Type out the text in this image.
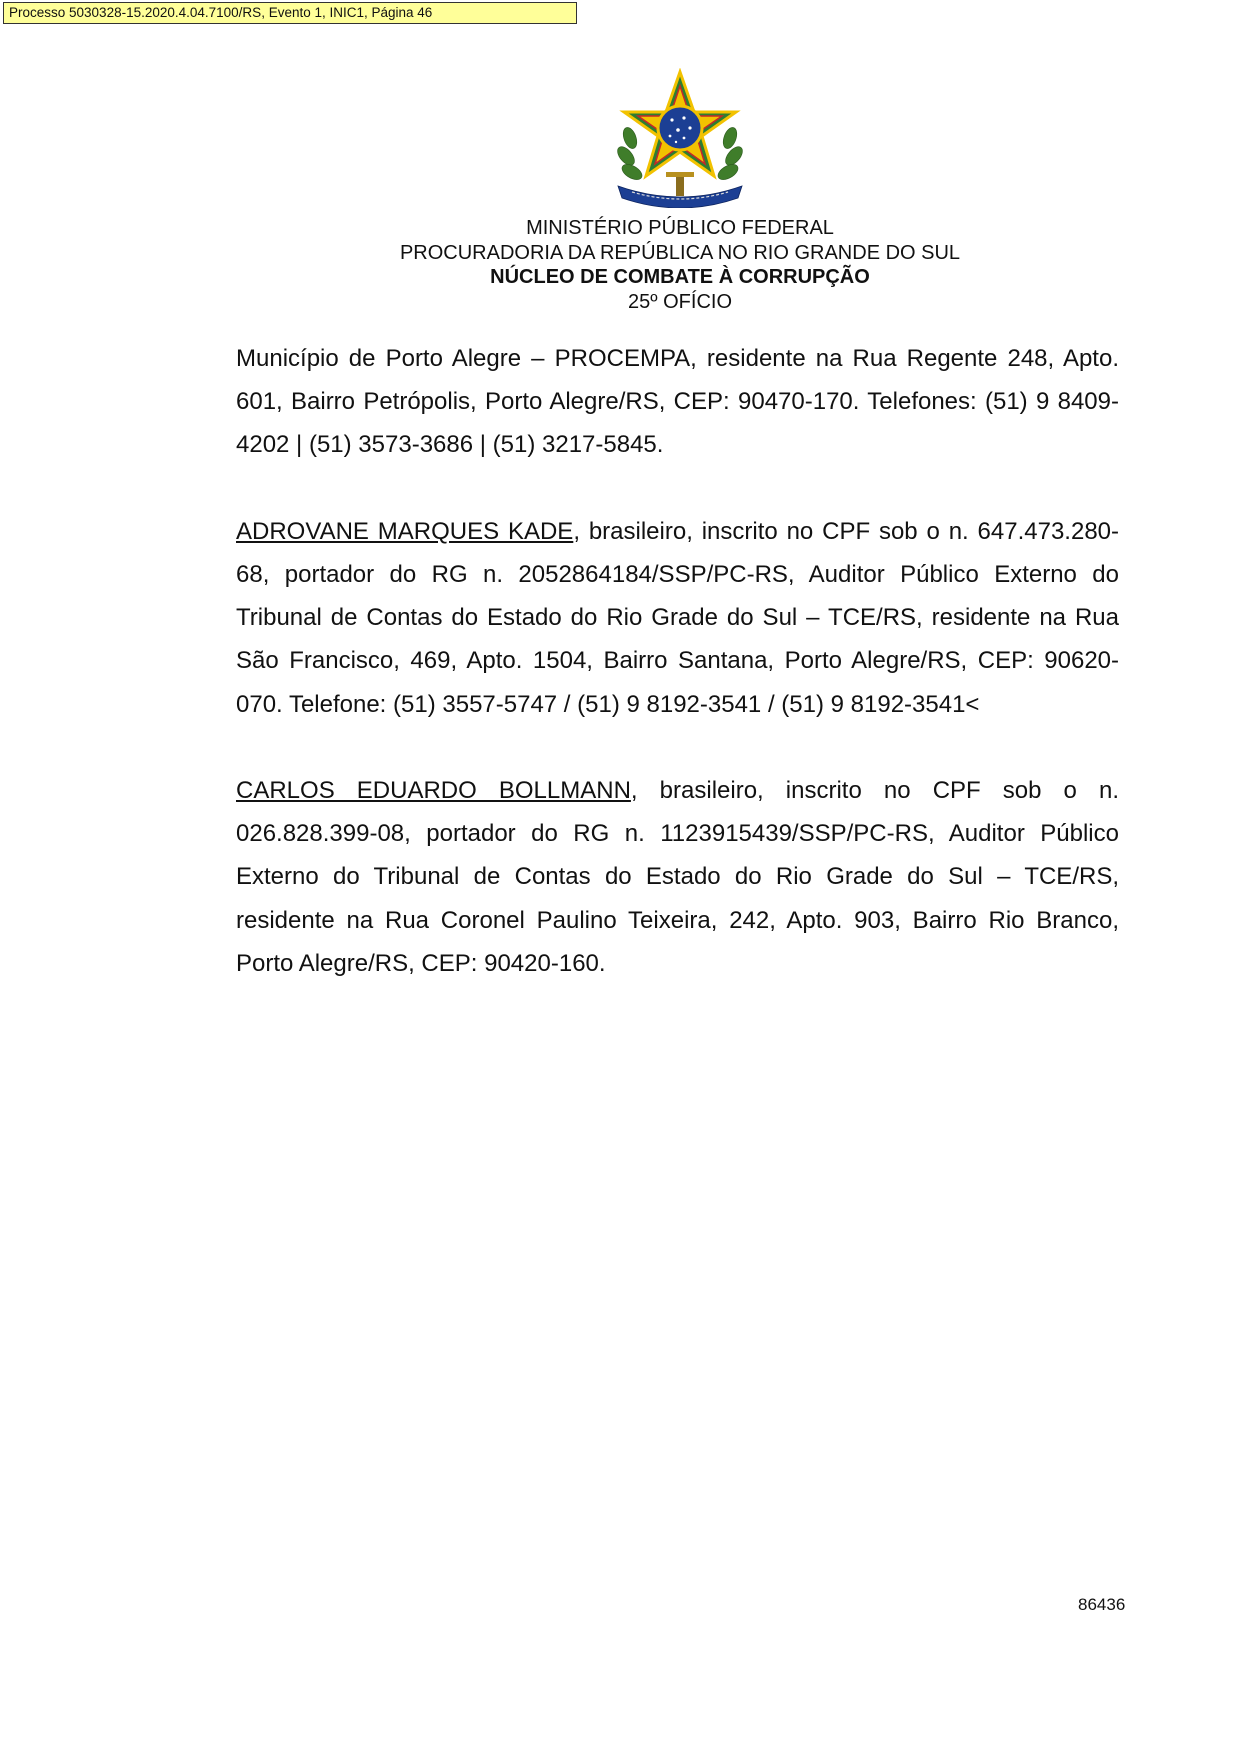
Processo 5030328-15.2020.4.04.7100/RS, Evento 1, INIC1, Página 46
MINISTÉRIO PÚBLICO FEDERAL
PROCURADORIA DA REPÚBLICA NO RIO GRANDE DO SUL
NÚCLEO DE COMBATE À CORRUPÇÃO
25º OFÍCIO

Município de Porto Alegre – PROCEMPA, residente na Rua Regente 248, Apto. 601, Bairro Petrópolis, Porto Alegre/RS, CEP: 90470-170. Telefones: (51) 9 8409-4202 | (51) 3573-3686 | (51) 3217-5845.

ADROVANE MARQUES KADE, brasileiro, inscrito no CPF sob o n. 647.473.280-68, portador do RG n. 2052864184/SSP/PC-RS, Auditor Público Externo do Tribunal de Contas do Estado do Rio Grade do Sul – TCE/RS, residente na Rua São Francisco, 469, Apto. 1504, Bairro Santana, Porto Alegre/RS, CEP: 90620-070. Telefone: (51) 3557-5747 / (51) 9 8192-3541 / (51) 9 8192-3541<

CARLOS EDUARDO BOLLMANN, brasileiro, inscrito no CPF sob o n. 026.828.399-08, portador do RG n. 1123915439/SSP/PC-RS, Auditor Público Externo do Tribunal de Contas do Estado do Rio Grade do Sul – TCE/RS, residente na Rua Coronel Paulino Teixeira, 242, Apto. 903, Bairro Rio Branco, Porto Alegre/RS, CEP: 90420-160.

86436
